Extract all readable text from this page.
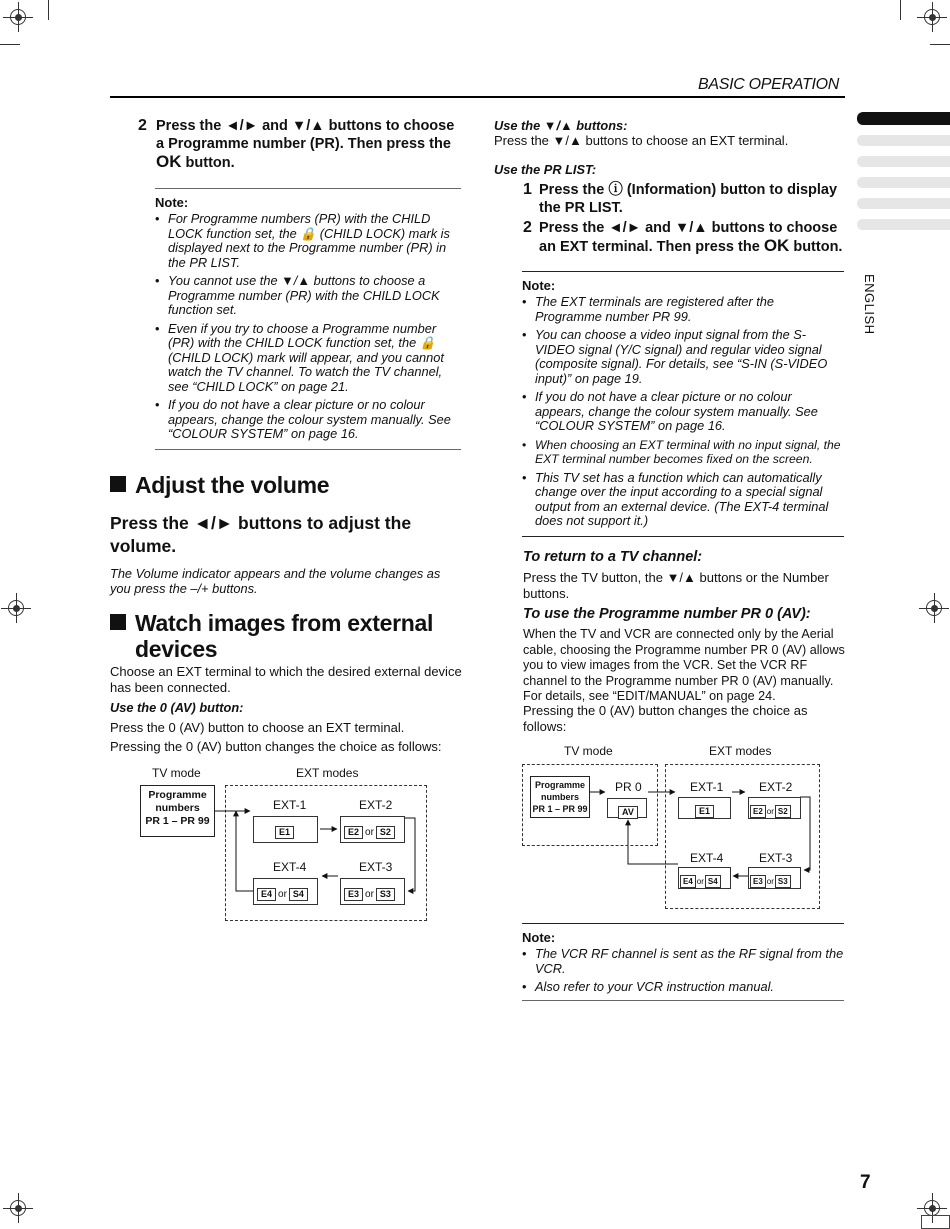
BASIC OPERATION
ENGLISH
7
2 Press the ◄/► and ▼/▲ buttons to choose a Programme number (PR). Then press the OK button.
Note:
• For Programme numbers (PR) with the CHILD LOCK function set, the 🔒 (CHILD LOCK) mark is displayed next to the Programme number (PR) in the PR LIST.
• You cannot use the ▼/▲ buttons to choose a Programme number (PR) with the CHILD LOCK function set.
• Even if you try to choose a Programme number (PR) with the CHILD LOCK function set, the 🔒 (CHILD LOCK) mark will appear, and you cannot watch the TV channel. To watch the TV channel, see “CHILD LOCK” on page 21.
• If you do not have a clear picture or no colour appears, change the colour system manually. See “COLOUR SYSTEM” on page 16.
Adjust the volume
Press the ◄/► buttons to adjust the volume.
The Volume indicator appears and the volume changes as you press the –/+ buttons.
Watch images from external
devices
Choose an EXT terminal to which the desired external device has been connected.
Use the 0 (AV) button:
Press the 0 (AV) button to choose an EXT terminal.
Pressing the 0 (AV) button changes the choice as follows:
TV mode	EXT modes
Programme
numbers
PR 1 – PR 99
EXT-1	EXT-2
EXT-4	EXT-3
E1	E2 or S2
E4 or S4	E3 or S3
Use the ▼/▲ buttons:
Press the ▼/▲ buttons to choose an EXT terminal.
Use the PR LIST:
1 Press the ⓘ (Information) button to display the PR LIST.
2 Press the ◄/► and ▼/▲ buttons to choose an EXT terminal. Then press the OK button.
Note:
• The EXT terminals are registered after the Programme number PR 99.
• You can choose a video input signal from the S-VIDEO signal (Y/C signal) and regular video signal (composite signal). For details, see “S-IN (S-VIDEO input)” on page 19.
• If you do not have a clear picture or no colour appears, change the colour system manually. See “COLOUR SYSTEM” on page 16.
• When choosing an EXT terminal with no input signal, the EXT terminal number becomes fixed on the screen.
• This TV set has a function which can automatically change over the input according to a special signal output from an external device. (The EXT-4 terminal does not support it.)
To return to a TV channel:
Press the TV button, the ▼/▲ buttons or the Number buttons.
To use the Programme number PR 0 (AV):
When the TV and VCR are connected only by the Aerial cable, choosing the Programme number PR 0 (AV) allows you to view images from the VCR. Set the VCR RF channel to the Programme number PR 0 (AV) manually. For details, see “EDIT/MANUAL” on page 24.
Pressing the 0 (AV) button changes the choice as follows:
TV mode	EXT modes
Programme
numbers
PR 1 – PR 99
PR 0
AV
EXT-1	EXT-2
EXT-4	EXT-3
E1	E2 or S2
E4 or S4	E3 or S3
Note:
• The VCR RF channel is sent as the RF signal from the VCR.
• Also refer to your VCR instruction manual.
